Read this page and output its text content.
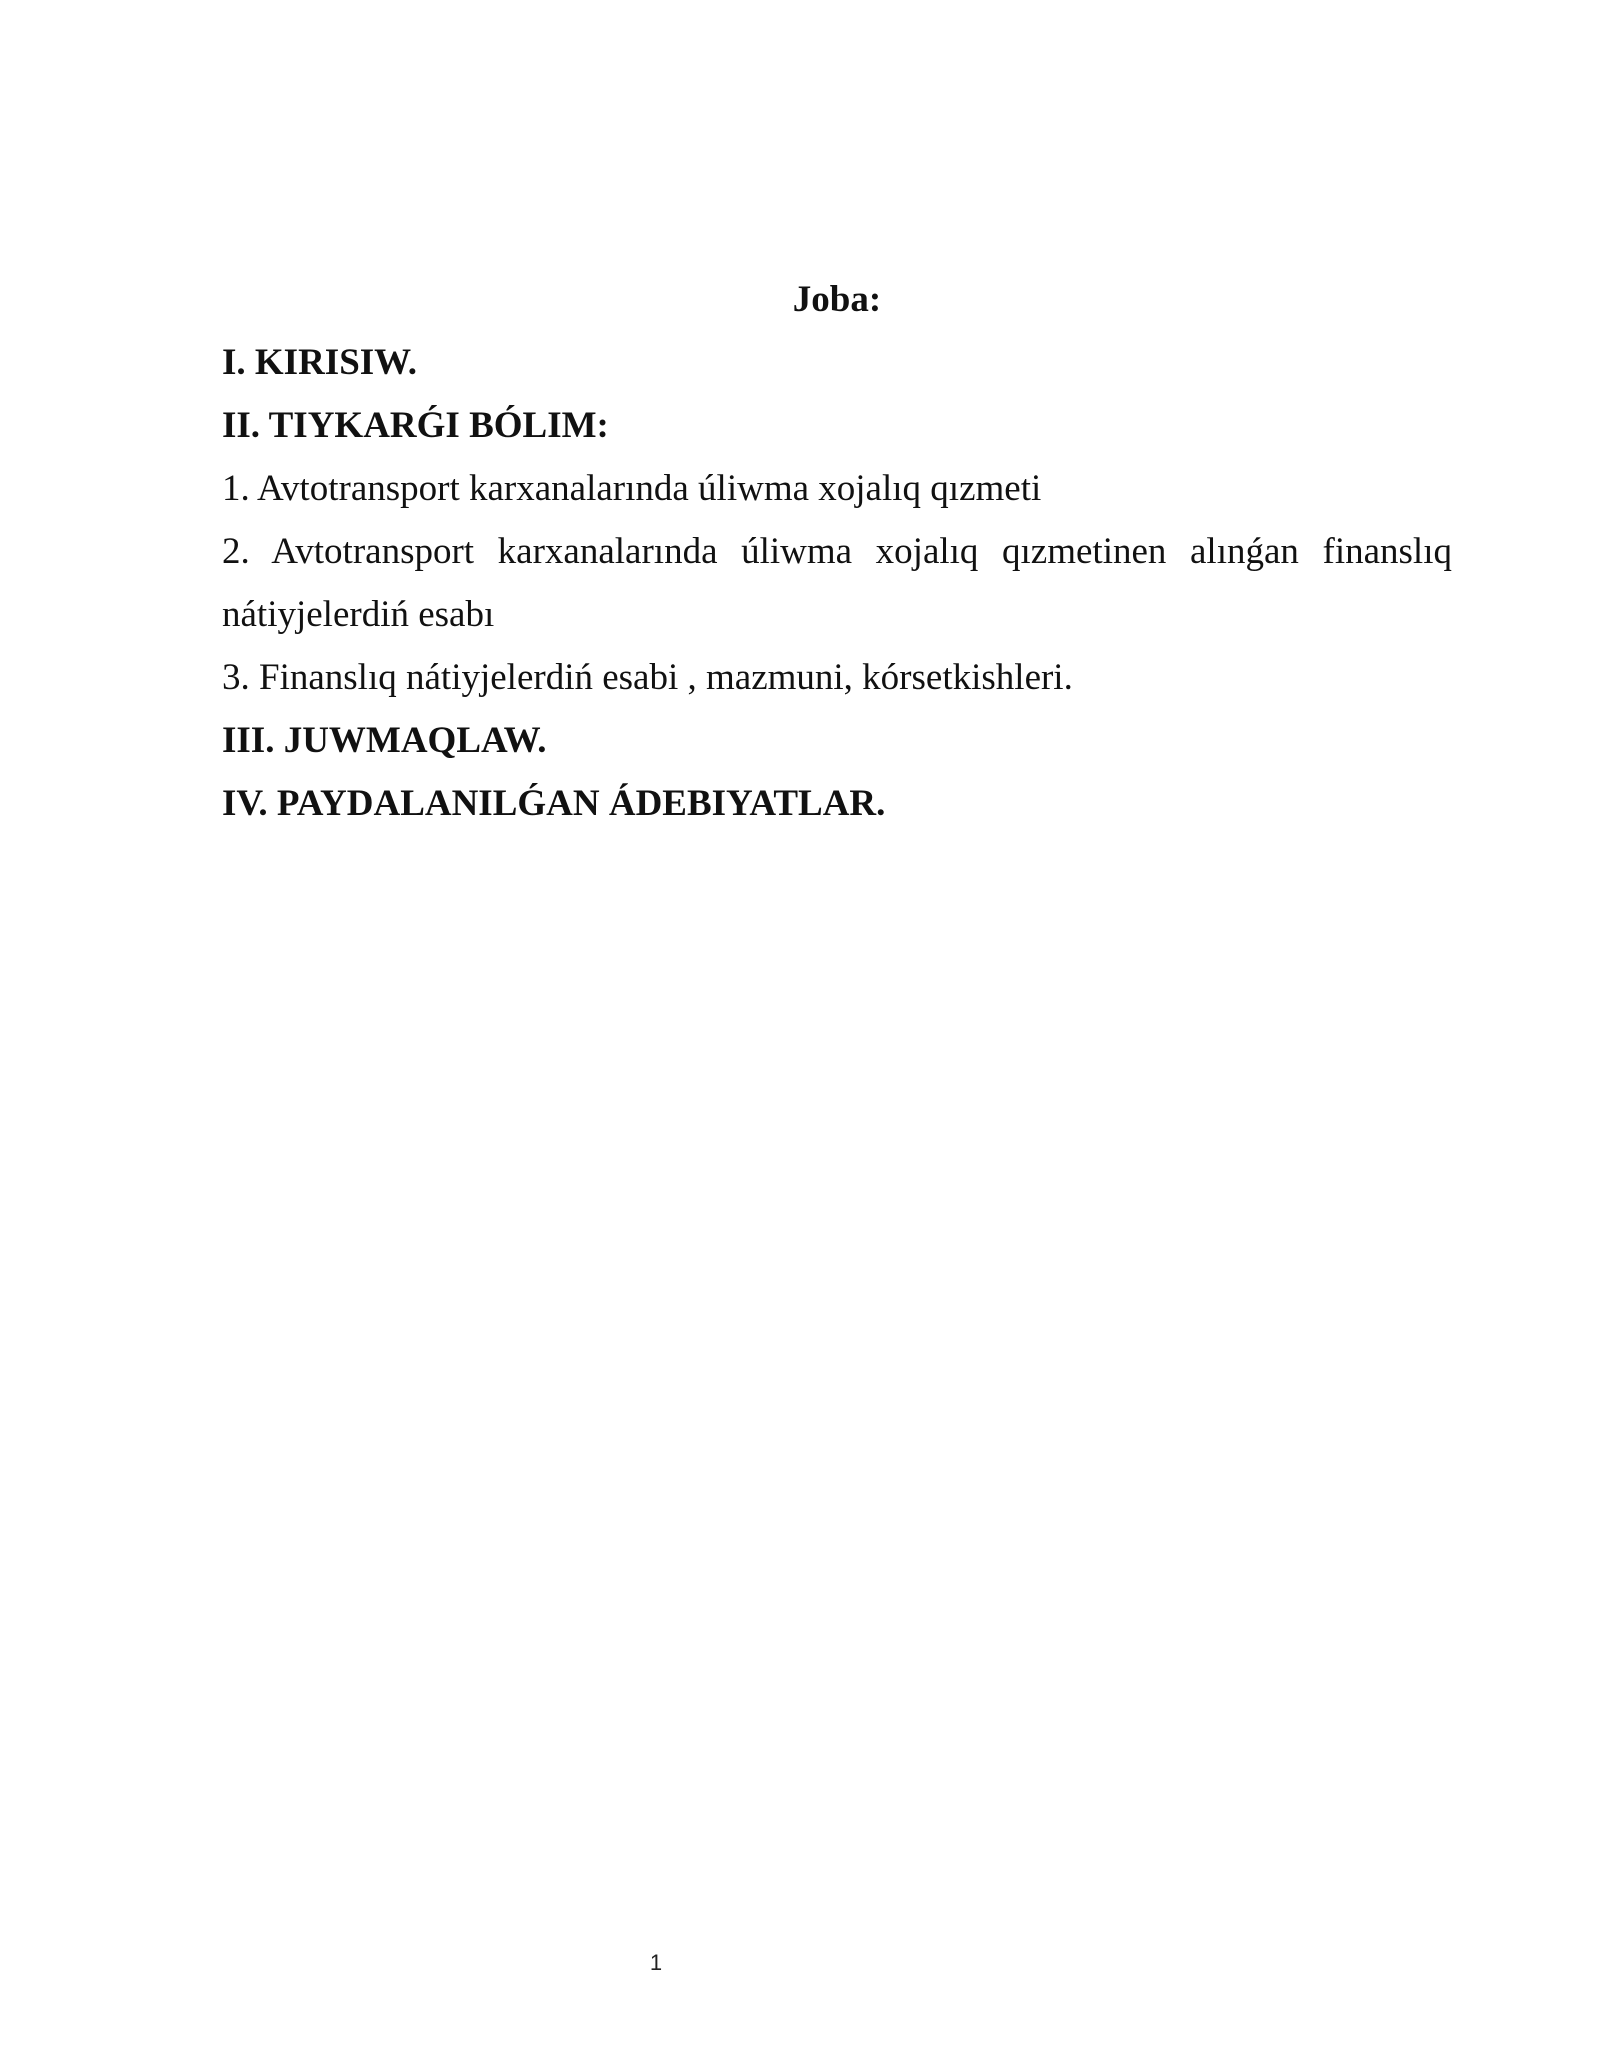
Joba:

I. KIRISIW.

II. TIYKARǴI BÓLIM:

1. Avtotransport karxanalarında úliwma xojalıq qızmeti

2. Avtotransport karxanalarında úliwma xojalıq qızmetinen alınǵan finanslıq nátiyjelerdiń esabı

3. Finanslıq nátiyjelerdiń esabi , mazmuni, kórsetkishleri.

III. JUWMAQLAW.

IV. PAYDALANILǴAN ÁDEBIYATLAR.

1
